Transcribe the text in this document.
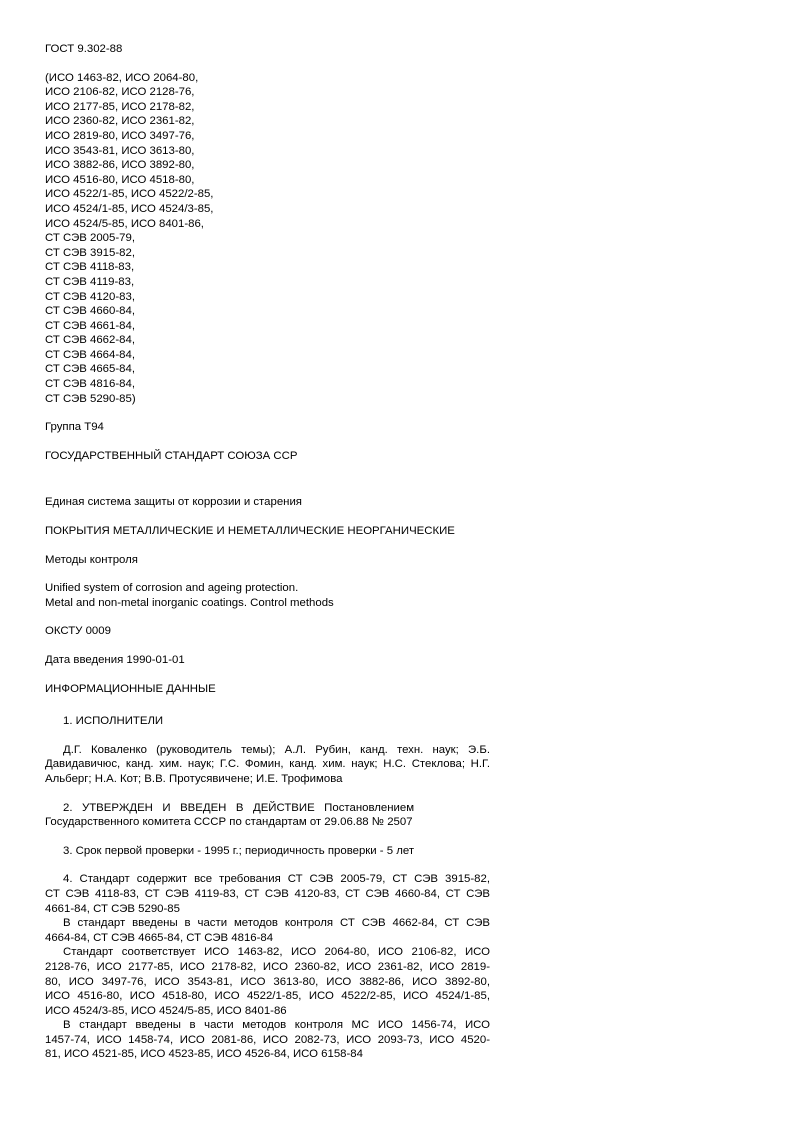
ГОСТ 9.302-88
(ИСО 1463-82, ИСО 2064-80,
ИСО 2106-82, ИСО 2128-76,
ИСО 2177-85, ИСО 2178-82,
ИСО 2360-82, ИСО 2361-82,
ИСО 2819-80, ИСО 3497-76,
ИСО 3543-81, ИСО 3613-80,
ИСО 3882-86, ИСО 3892-80,
ИСО 4516-80, ИСО 4518-80,
ИСО 4522/1-85, ИСО 4522/2-85,
ИСО 4524/1-85, ИСО 4524/3-85,
ИСО 4524/5-85, ИСО 8401-86,
СТ СЭВ 2005-79,
СТ СЭВ 3915-82,
СТ СЭВ 4118-83,
СТ СЭВ 4119-83,
СТ СЭВ 4120-83,
СТ СЭВ 4660-84,
СТ СЭВ 4661-84,
СТ СЭВ 4662-84,
СТ СЭВ 4664-84,
СТ СЭВ 4665-84,
СТ СЭВ 4816-84,
СТ СЭВ 5290-85)
Группа Т94
ГОСУДАРСТВЕННЫЙ СТАНДАРТ СОЮЗА ССР
Единая система защиты от коррозии и старения
ПОКРЫТИЯ МЕТАЛЛИЧЕСКИЕ И НЕМЕТАЛЛИЧЕСКИЕ НЕОРГАНИЧЕСКИЕ
Методы контроля
Unified system of corrosion and ageing protection.
Metal and non-metal inorganic coatings. Control methods
ОКСТУ 0009
Дата введения 1990-01-01
ИНФОРМАЦИОННЫЕ ДАННЫЕ
1. ИСПОЛНИТЕЛИ
Д.Г. Коваленко (руководитель темы); А.Л. Рубин, канд. техн. наук; Э.Б.
Давидавичюс, канд. хим. наук; Г.С. Фомин, канд. хим. наук; Н.С. Стеклова; Н.Г.
Альберг; Н.А. Кот; В.В. Протусявичене; И.Е. Трофимова
2.   УТВЕРЖДЕН   И   ВВЕДЕН   В   ДЕЙСТВИЕ   Постановлением
Государственного комитета СССР по стандартам от 29.06.88 № 2507
3. Срок первой проверки - 1995 г.; периодичность проверки - 5 лет
4. Стандарт содержит все требования СТ СЭВ 2005-79, СТ СЭВ 3915-82,
СТ СЭВ 4118-83, СТ СЭВ 4119-83, СТ СЭВ 4120-83, СТ СЭВ 4660-84, СТ СЭВ
4661-84, СТ СЭВ 5290-85
В стандарт введены в части методов контроля СТ СЭВ 4662-84, СТ СЭВ
4664-84, СТ СЭВ 4665-84, СТ СЭВ 4816-84
Стандарт соответствует ИСО 1463-82, ИСО 2064-80, ИСО 2106-82, ИСО
2128-76, ИСО 2177-85, ИСО 2178-82, ИСО 2360-82, ИСО 2361-82, ИСО 2819-
80, ИСО 3497-76, ИСО 3543-81, ИСО 3613-80, ИСО 3882-86, ИСО 3892-80,
ИСО 4516-80, ИСО 4518-80, ИСО 4522/1-85, ИСО 4522/2-85, ИСО 4524/1-85,
ИСО 4524/3-85, ИСО 4524/5-85, ИСО 8401-86
В стандарт введены в части методов контроля МС ИСО 1456-74, ИСО
1457-74, ИСО 1458-74, ИСО 2081-86, ИСО 2082-73, ИСО 2093-73, ИСО 4520-
81, ИСО 4521-85, ИСО 4523-85, ИСО 4526-84, ИСО 6158-84
